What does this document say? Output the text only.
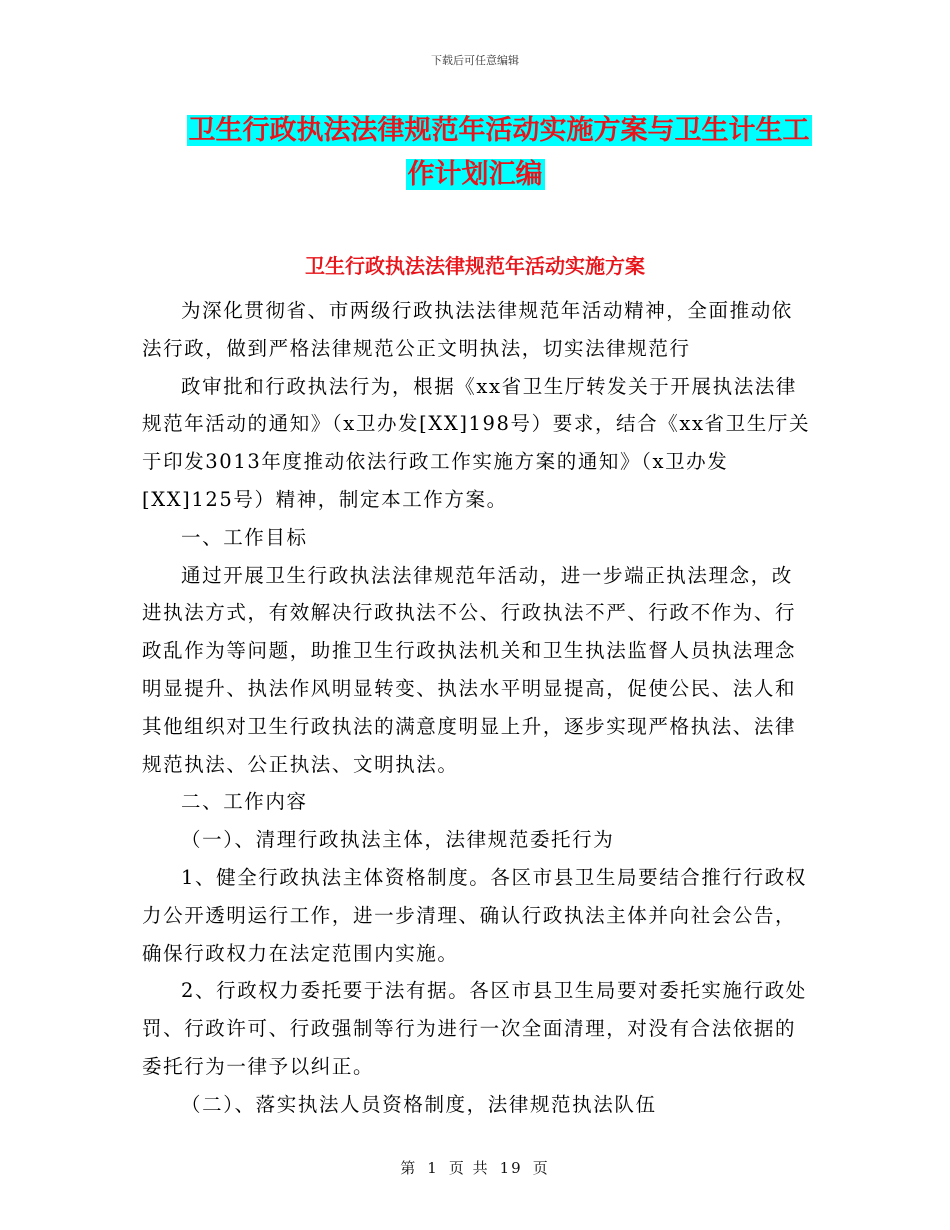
下载后可任意编辑
卫生行政执法法律规范年活动实施方案与卫生计生工
作计划汇编
卫生行政执法法律规范年活动实施方案

为深化贯彻省、市两级行政执法法律规范年活动精神，全面推动依法行政，做到严格法律规范公正文明执法，切实法律规范行

政审批和行政执法行为，根据《xx省卫生厅转发关于开展执法法律规范年活动的通知》（x卫办发[XX]198号）要求，结合《xx省卫生厅关于印发3013年度推动依法行政工作实施方案的通知》（x卫办发[XX]125号）精神，制定本工作方案。

一、工作目标

通过开展卫生行政执法法律规范年活动，进一步端正执法理念，改进执法方式，有效解决行政执法不公、行政执法不严、行政不作为、行政乱作为等问题，助推卫生行政执法机关和卫生执法监督人员执法理念明显提升、执法作风明显转变、执法水平明显提高，促使公民、法人和其他组织对卫生行政执法的满意度明显上升，逐步实现严格执法、法律规范执法、公正执法、文明执法。

二、工作内容

（一）、清理行政执法主体，法律规范委托行为

1、健全行政执法主体资格制度。各区市县卫生局要结合推行行政权力公开透明运行工作，进一步清理、确认行政执法主体并向社会公告，确保行政权力在法定范围内实施。

2、行政权力委托要于法有据。各区市县卫生局要对委托实施行政处罚、行政许可、行政强制等行为进行一次全面清理，对没有合法依据的委托行为一律予以纠正。

（二）、落实执法人员资格制度，法律规范执法队伍

第 1 页 共 19 页
